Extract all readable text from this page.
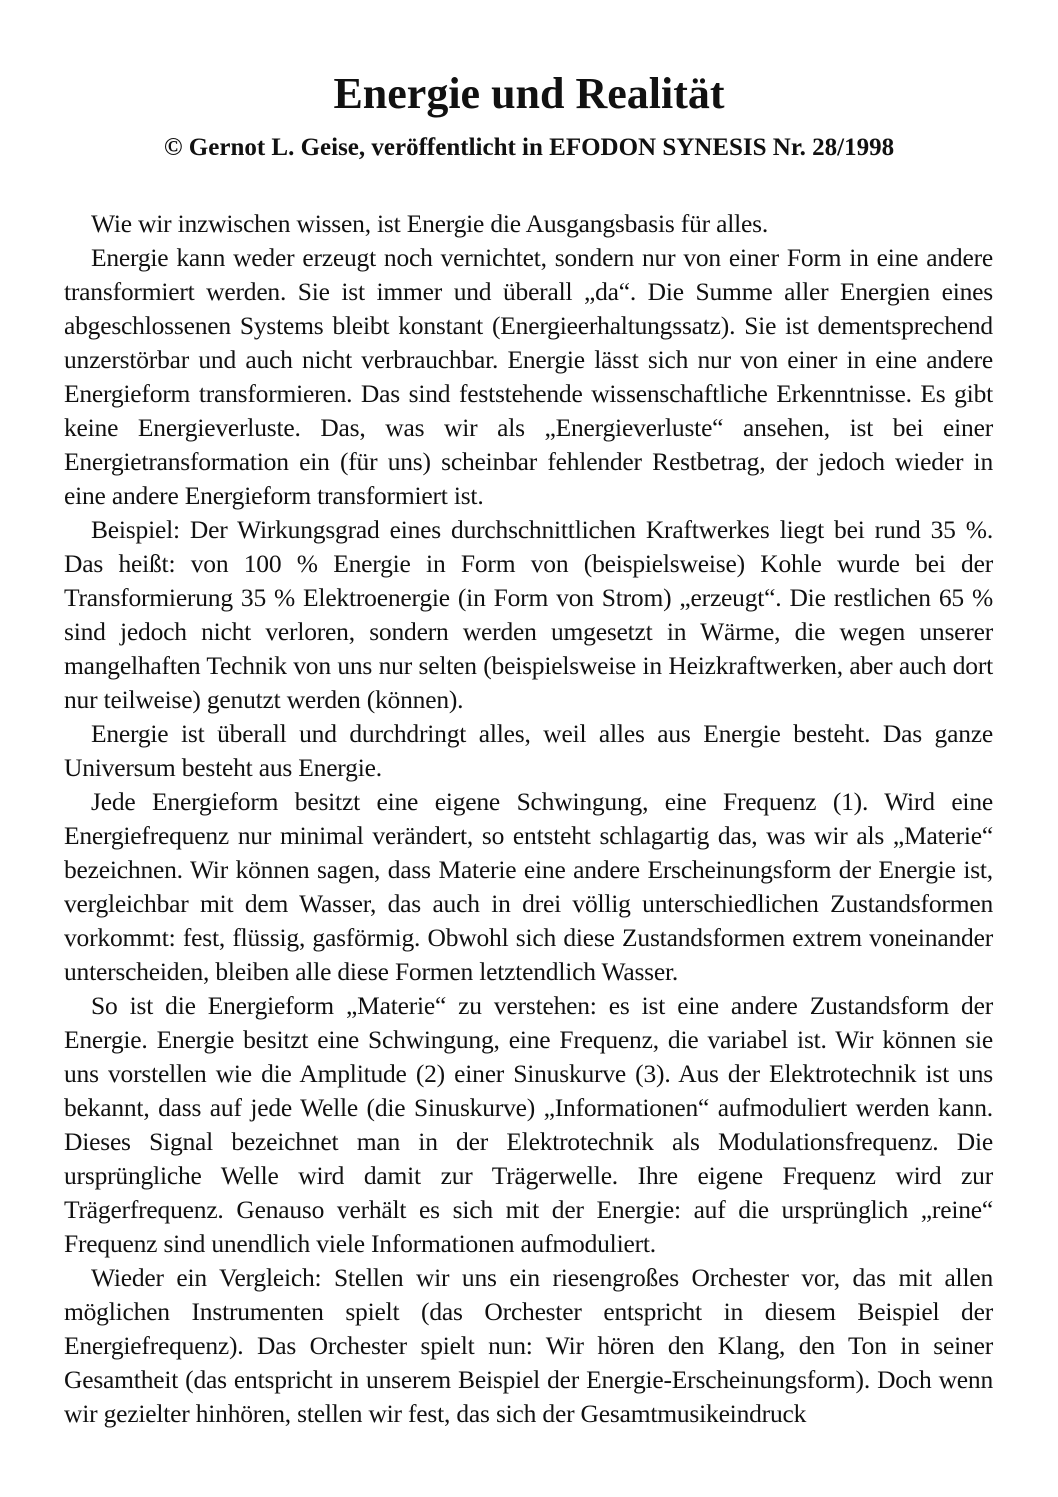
Energie und Realität
© Gernot L. Geise, veröffentlicht in EFODON SYNESIS Nr. 28/1998

Wie wir inzwischen wissen, ist Energie die Ausgangsbasis für alles.

Energie kann weder erzeugt noch vernichtet, sondern nur von einer Form in eine andere transformiert werden. Sie ist immer und überall „da“. Die Summe aller Energien eines abgeschlossenen Systems bleibt konstant (Energieerhaltungssatz). Sie ist dementsprechend unzerstörbar und auch nicht verbrauchbar. Energie lässt sich nur von einer in eine andere Energieform transformieren. Das sind feststehende wissenschaftliche Erkenntnisse. Es gibt keine Energieverluste. Das, was wir als „Energieverluste“ ansehen, ist bei einer Energietransformation ein (für uns) scheinbar fehlender Restbetrag, der jedoch wieder in eine andere Energieform transformiert ist.

Beispiel: Der Wirkungsgrad eines durchschnittlichen Kraftwerkes liegt bei rund 35 %. Das heißt: von 100 % Energie in Form von (beispielsweise) Kohle wurde bei der Transformierung 35 % Elektroenergie (in Form von Strom) „erzeugt“. Die restlichen 65 % sind jedoch nicht verloren, sondern werden umgesetzt in Wärme, die wegen unserer mangelhaften Technik von uns nur selten (beispielsweise in Heizkraftwerken, aber auch dort nur teilweise) genutzt werden (können).

Energie ist überall und durchdringt alles, weil alles aus Energie besteht. Das ganze Universum besteht aus Energie.

Jede Energieform besitzt eine eigene Schwingung, eine Frequenz (1). Wird eine Energiefrequenz nur minimal verändert, so entsteht schlagartig das, was wir als „Materie“ bezeichnen. Wir können sagen, dass Materie eine andere Erscheinungsform der Energie ist, vergleichbar mit dem Wasser, das auch in drei völlig unterschiedlichen Zustandsformen vorkommt: fest, flüssig, gasförmig. Obwohl sich diese Zustandsformen extrem voneinander unterscheiden, bleiben alle diese Formen letztendlich Wasser.

So ist die Energieform „Materie“ zu verstehen: es ist eine andere Zustandsform der Energie. Energie besitzt eine Schwingung, eine Frequenz, die variabel ist. Wir können sie uns vorstellen wie die Amplitude (2) einer Sinuskurve (3). Aus der Elektrotechnik ist uns bekannt, dass auf jede Welle (die Sinuskurve) „Informationen“ aufmoduliert werden kann. Dieses Signal bezeichnet man in der Elektrotechnik als Modulationsfrequenz. Die ursprüngliche Welle wird damit zur Trägerwelle. Ihre eigene Frequenz wird zur Trägerfrequenz. Genauso verhält es sich mit der Energie: auf die ursprünglich „reine“ Frequenz sind unendlich viele Informationen aufmoduliert.

Wieder ein Vergleich: Stellen wir uns ein riesengroßes Orchester vor, das mit allen möglichen Instrumenten spielt (das Orchester entspricht in diesem Beispiel der Energiefrequenz). Das Orchester spielt nun: Wir hören den Klang, den Ton in seiner Gesamtheit (das entspricht in unserem Beispiel der Energie-Erscheinungsform). Doch wenn wir gezielter hinhören, stellen wir fest, das sich der Gesamtmusikeindruck
